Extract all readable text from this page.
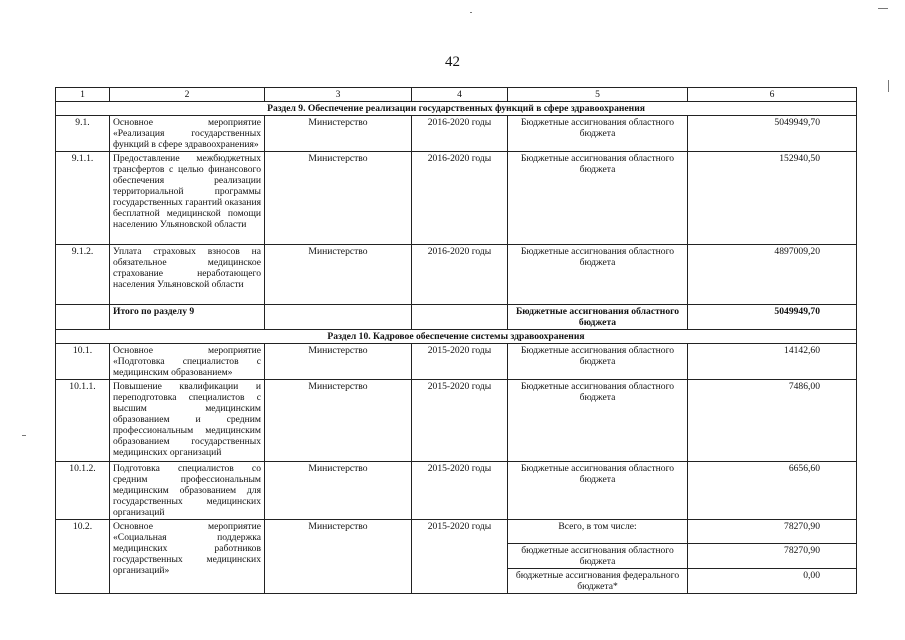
42
1	2	3	4	5	6
Раздел 9. Обеспечение реализации государственных функций в сфере здравоохранения					
9.1.	Основное мероприятие «Реализация государственных функций в сфере здравоохранения»	Министерство	2016-2020 годы	Бюджетные ассигнования областного бюджета	5049949,70
9.1.1.	Предоставление межбюджетных трансфертов с целью финансового обеспечения реализации территориальной программы государственных гарантий оказания бесплатной медицинской помощи населению Ульяновской области	Министерство	2016-2020 годы	Бюджетные ассигнования областного бюджета	152940,50
9.1.2.	Уплата страховых взносов на обязательное медицинское страхование неработающего населения Ульяновской области	Министерство	2016-2020 годы	Бюджетные ассигнования областного бюджета	4897009,20
	Итого по разделу 9			Бюджетные ассигнования областного бюджета	5049949,70
Раздел 10. Кадровое обеспечение системы здравоохранения					
10.1.	Основное мероприятие «Подготовка специалистов с медицинским образованием»	Министерство	2015-2020 годы	Бюджетные ассигнования областного бюджета	14142,60
10.1.1.	Повышение квалификации и переподготовка специалистов с высшим медицинским образованием и средним профессиональным медицинским образованием государственных медицинских организаций	Министерство	2015-2020 годы	Бюджетные ассигнования областного бюджета	7486,00
10.1.2.	Подготовка специалистов со средним профессиональным медицинским образованием для государственных медицинских организаций	Министерство	2015-2020 годы	Бюджетные ассигнования областного бюджета	6656,60
10.2.	Основное мероприятие «Социальная поддержка медицинских работников государственных медицинских организаций»	Министерство	2015-2020 годы	Всего, в том числе:	78270,90
				бюджетные ассигнования областного бюджета	78270,90
				бюджетные ассигнования федерального бюджета*	0,00
